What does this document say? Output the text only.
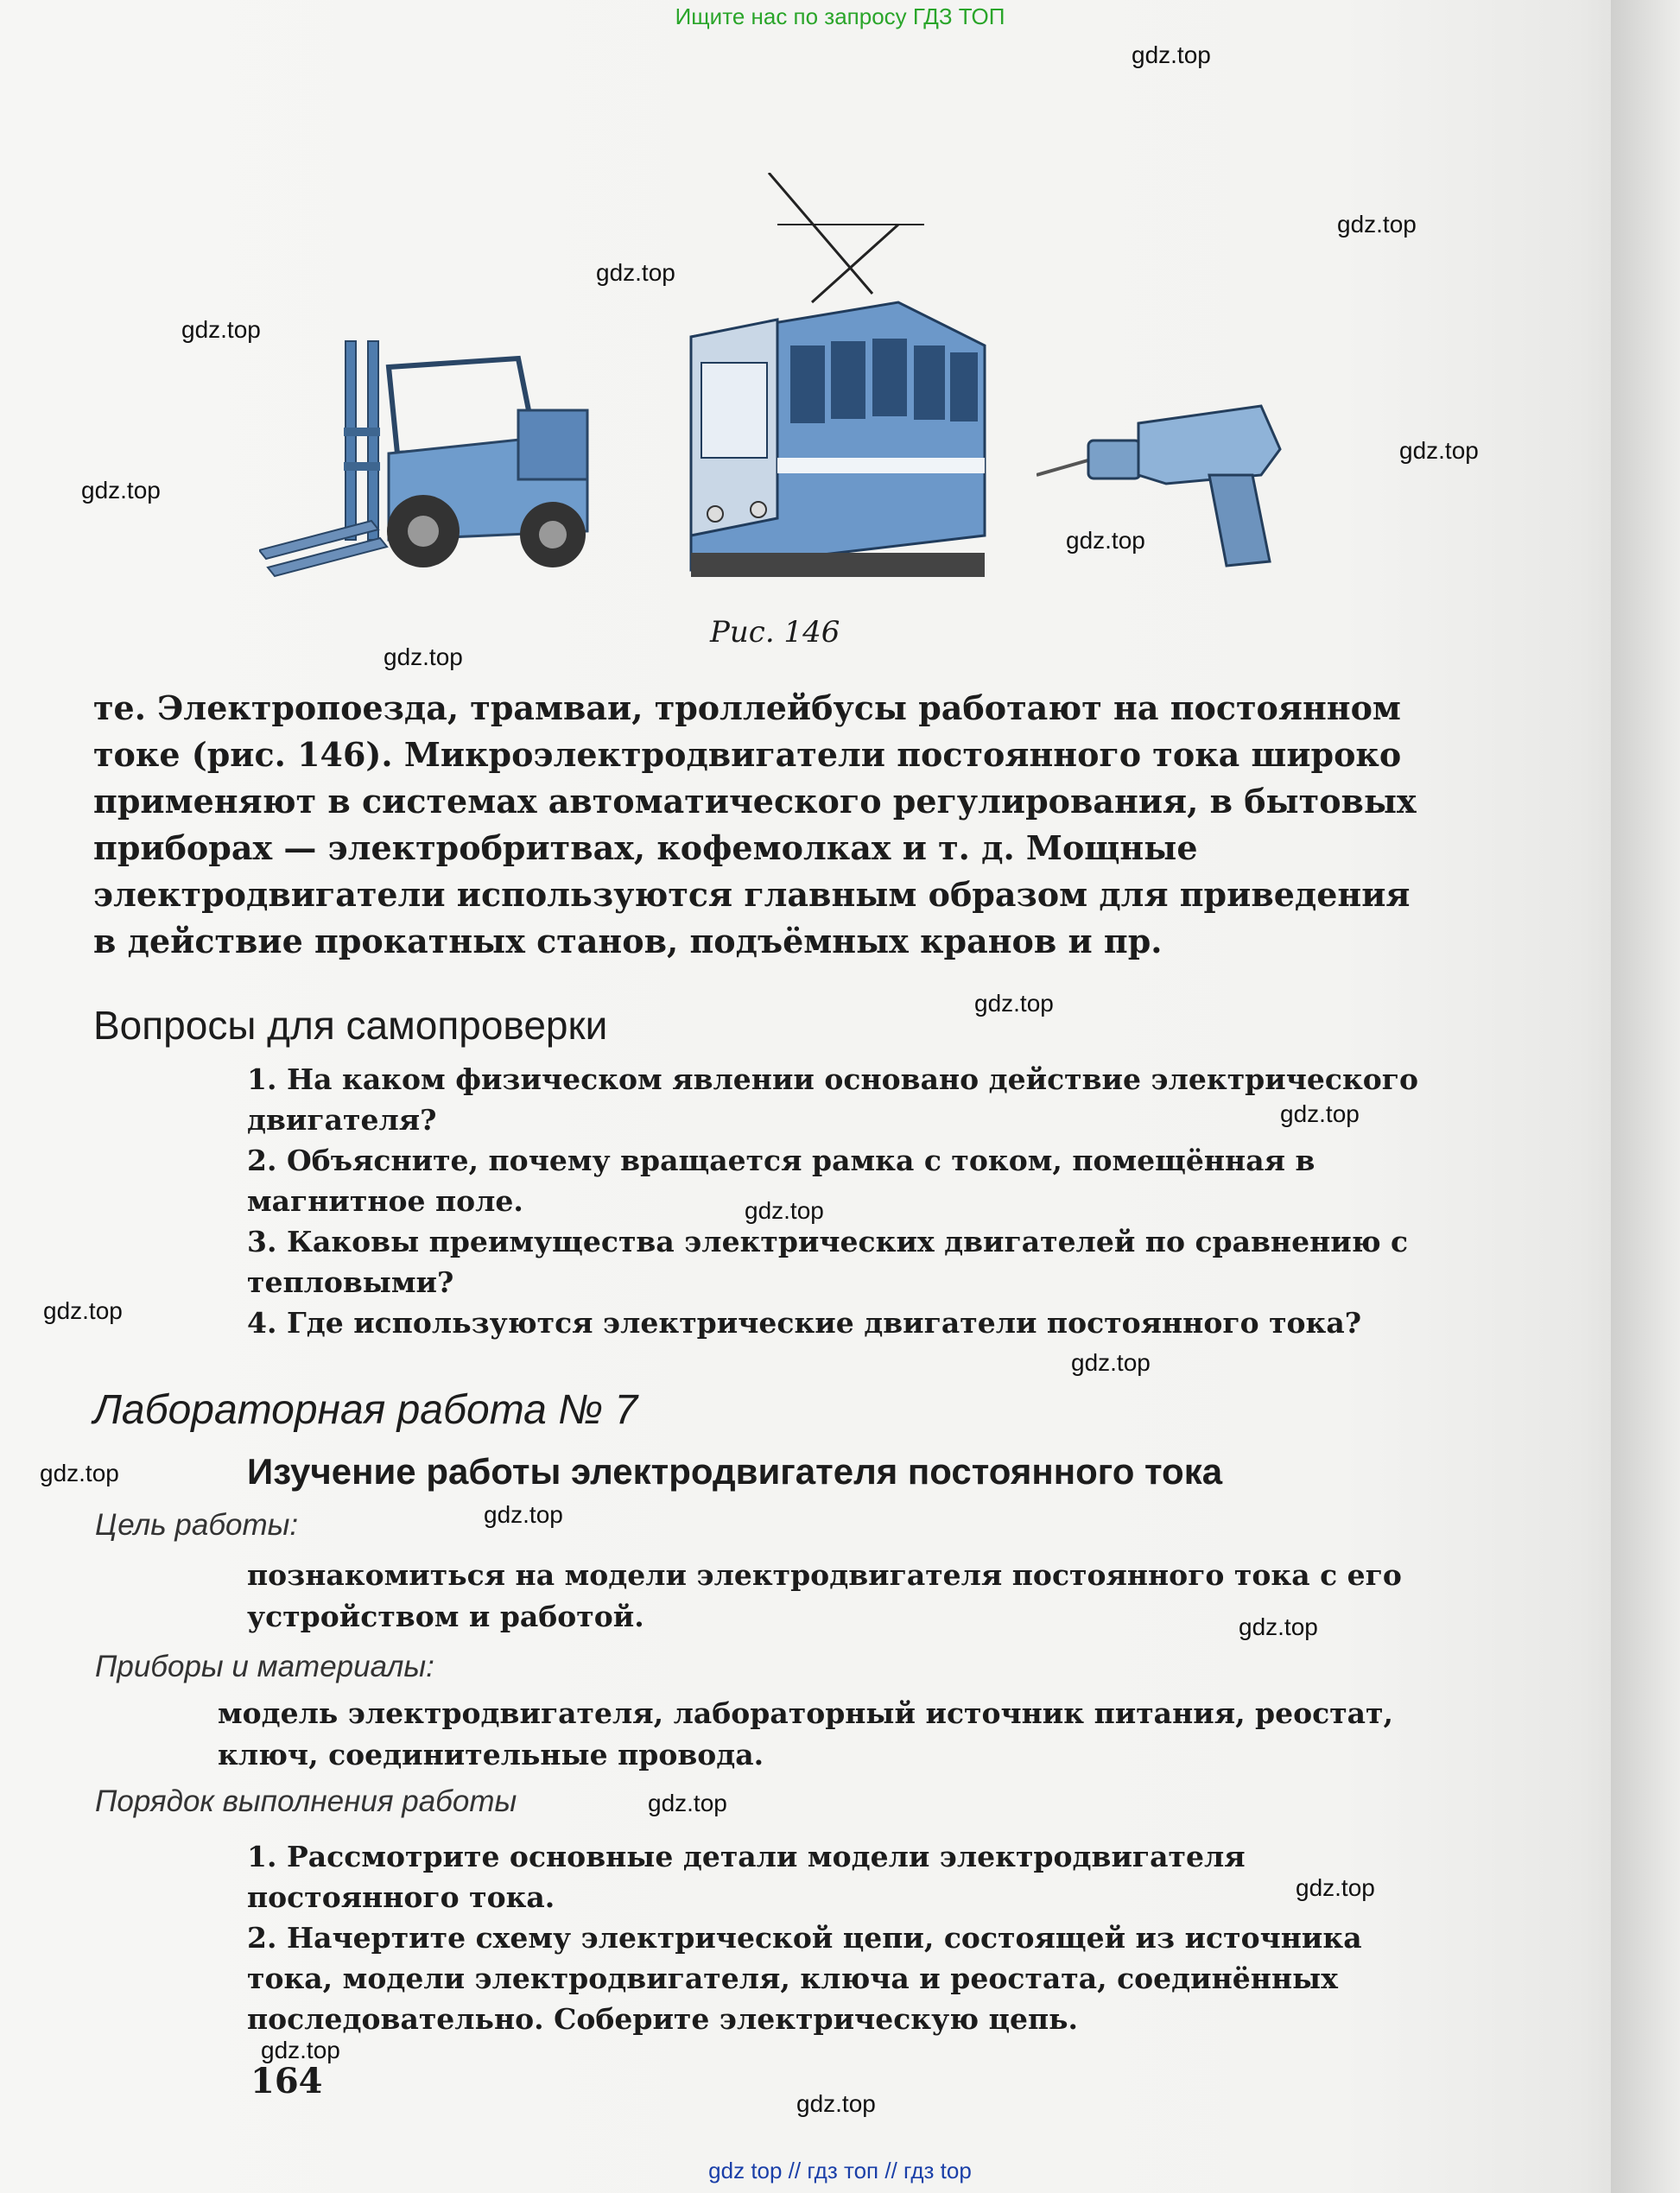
Ищите нас по запросу ГДЗ ТОП
gdz.top
gdz.top
gdz.top
gdz.top
gdz.top
gdz.top
gdz.top
gdz.top
gdz.top
gdz.top
gdz.top
gdz.top
gdz.top
gdz.top
gdz.top
gdz.top
gdz.top
gdz.top
gdz.top
gdz.top
Рис. 146

те. Электропоезда, трамваи, троллейбусы работают на постоянном токе (рис. 146). Микроэлектродвигатели постоянного тока широко применяют в системах автоматического регулирования, в бытовых приборах — электробритвах, кофемолках и т. д. Мощные электродвигатели используются главным образом для приведения в действие прокатных станов, подъёмных кранов и пр.

Вопросы для самопроверки
1. На каком физическом явлении основано действие электрического двигателя?
2. Объясните, почему вращается рамка с током, помещённая в магнитное поле.
3. Каковы преимущества электрических двигателей по сравнению с тепловыми?
4. Где используются электрические двигатели постоянного тока?
Лабораторная работа № 7
Изучение работы электродвигателя постоянного тока
Цель работы:

познакомиться на модели электродвигателя постоянного тока с его устройством и работой.

Приборы и материалы:

модель электродвигателя, лабораторный источник питания, реостат, ключ, соединительные провода.

Порядок выполнения работы
1. Рассмотрите основные детали модели электродвигателя постоянного тока.
2. Начертите схему электрической цепи, состоящей из источника тока, модели электродвигателя, ключа и реостата, соединённых последовательно. Соберите электрическую цепь.
164
gdz top // гдз топ // гдз top
